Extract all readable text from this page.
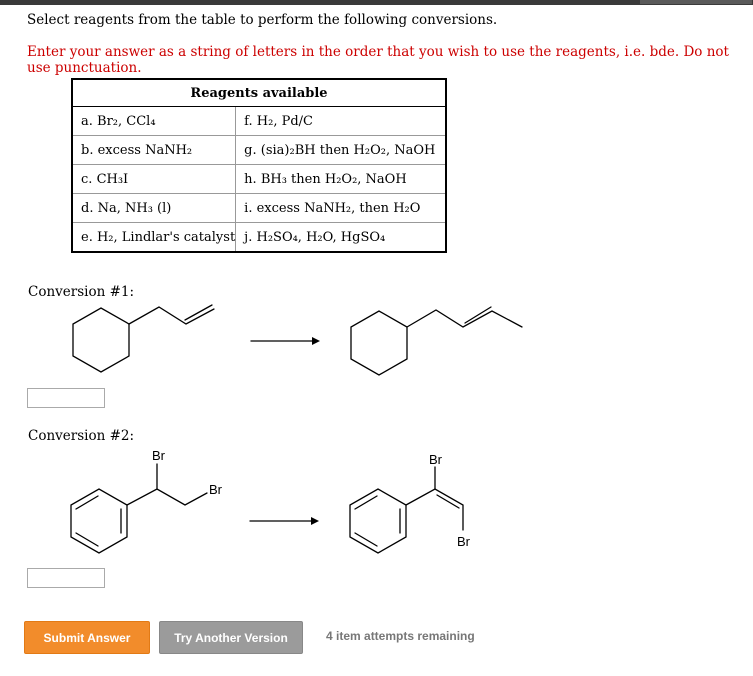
Select reagents from the table to perform the following conversions.
Enter your answer as a string of letters in the order that you wish to use the reagents, i.e. bde. Do not use punctuation.
Reagents available	
a. Br₂, CCl₄	f. H₂, Pd/C
b. excess NaNH₂	g. (sia)₂BH then H₂O₂, NaOH
c. CH₃I	h. BH₃ then H₂O₂, NaOH
d. Na, NH₃ (l)	i. excess NaNH₂, then H₂O
e. H₂, Lindlar's catalyst	j. H₂SO₄, H₂O, HgSO₄
Conversion #1:
Conversion #2:
Br
Br
Br
Br
Submit Answer	Try Another Version	4 item attempts remaining
